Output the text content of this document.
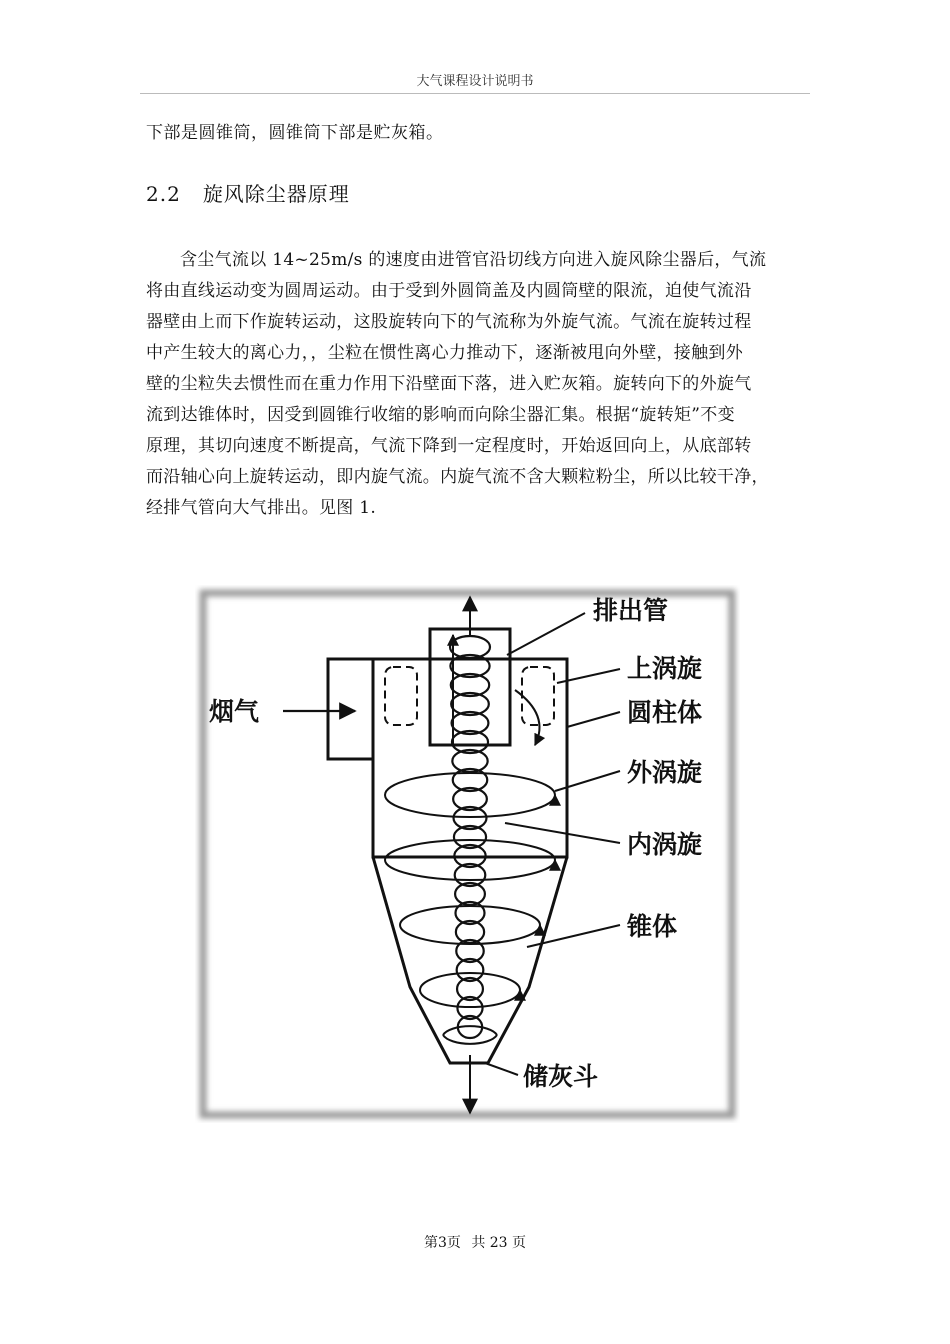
大气课程设计说明书
下部是圆锥筒，圆锥筒下部是贮灰箱。
2.2 旋风除尘器原理

含尘气流以 14~25m/s 的速度由进管官沿切线方向进入旋风除尘器后，气流

将由直线运动变为圆周运动。由于受到外圆筒盖及内圆筒壁的限流，迫使气流沿

器壁由上而下作旋转运动，这股旋转向下的气流称为外旋气流。气流在旋转过程

中产生较大的离心力，，尘粒在惯性离心力推动下，逐渐被甩向外壁，接触到外

壁的尘粒失去惯性而在重力作用下沿壁面下落，进入贮灰箱。旋转向下的外旋气

流到达锥体时，因受到圆锥行收缩的影响而向除尘器汇集。根据“旋转矩”不变

原理，其切向速度不断提高，气流下降到一定程度时，开始返回向上，从底部转

而沿轴心向上旋转运动，即内旋气流。内旋气流不含大颗粒粉尘，所以比较干净，

经排气管向大气排出。见图 1.

排出管
上涡旋
圆柱体
烟气
外涡旋
内涡旋
锥体
储灰斗
第3页 共 23 页
